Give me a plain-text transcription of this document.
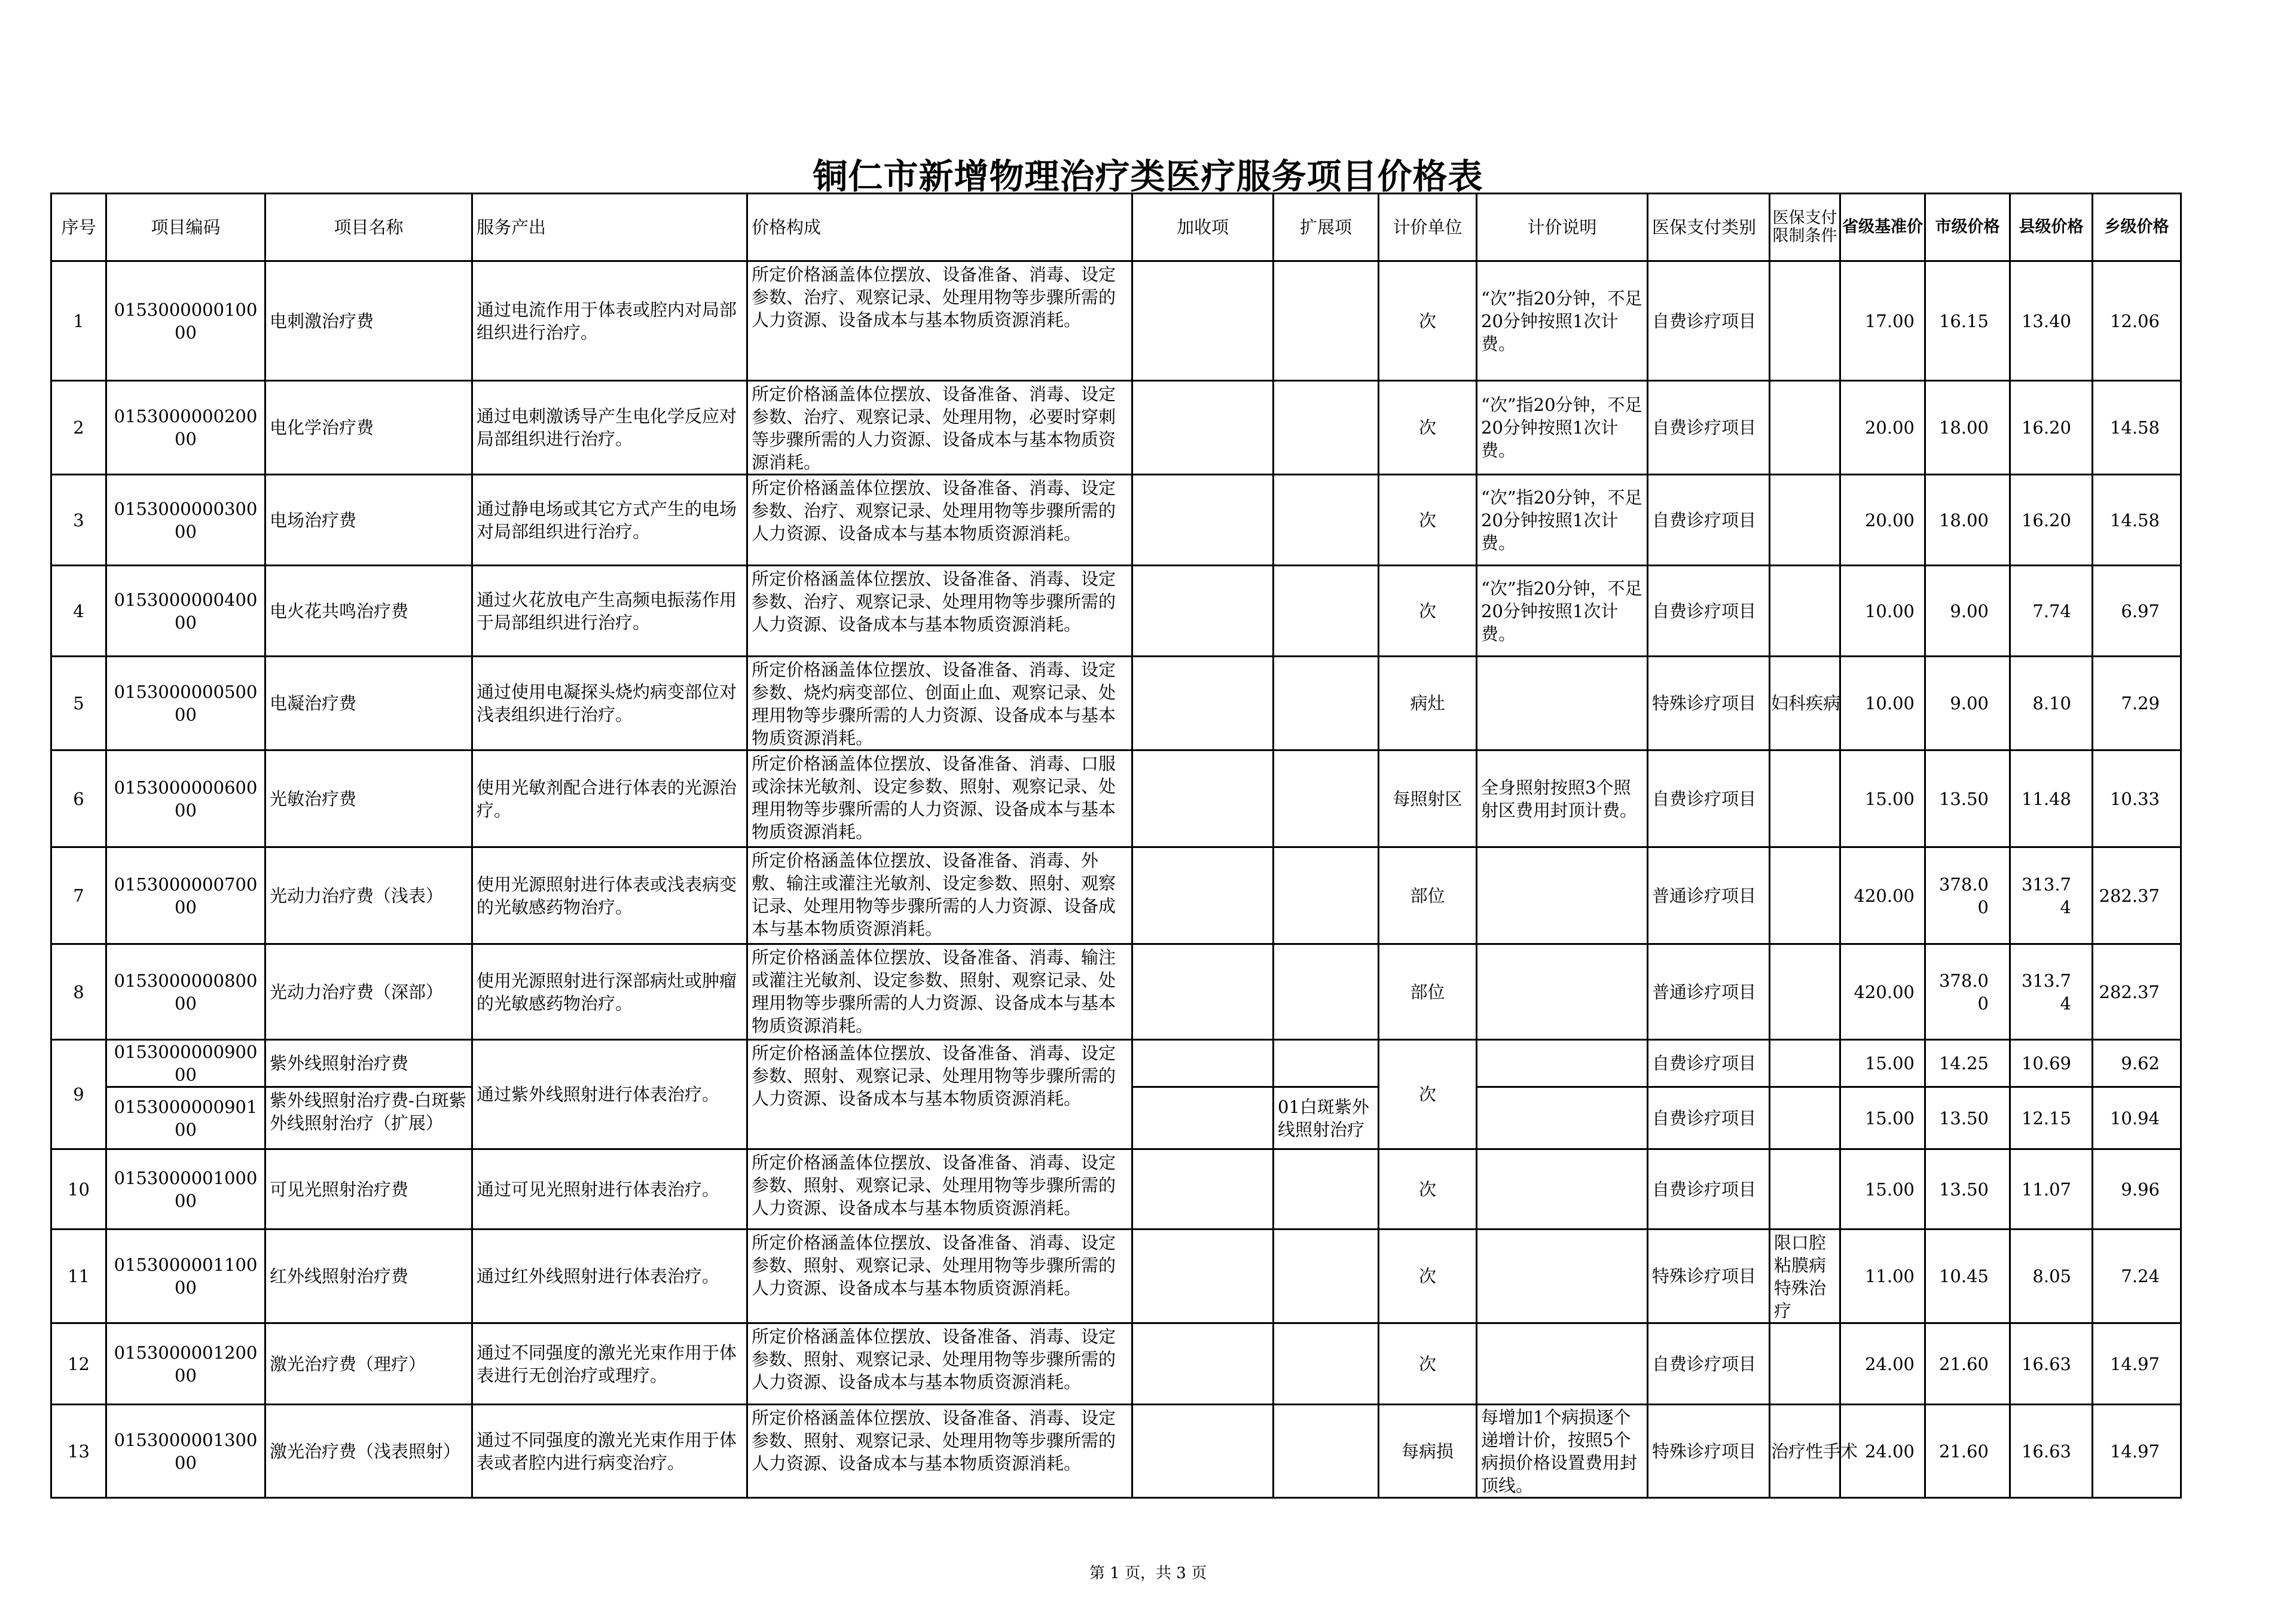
铜仁市新增物理治疗类医疗服务项目价格表
序号	项目编码	项目名称	服务产出	价格构成	加收项	扩展项	计价单位	计价说明	医保支付类别	医保支付限制条件	省级基准价	市级价格	县级价格	乡级价格
1	015300000010000	电刺激治疗费	通过电流作用于体表或腔内对局部组织进行治疗。	所定价格涵盖体位摆放、设备准备、消毒、设定参数、治疗、观察记录、处理用物等步骤所需的人力资源、设备成本与基本物质资源消耗。			次	“次”指20分钟，不足20分钟按照1次计费。	自费诊疗项目		17.00	16.15	13.40	12.06
2	015300000020000	电化学治疗费	通过电刺激诱导产生电化学反应对局部组织进行治疗。	所定价格涵盖体位摆放、设备准备、消毒、设定参数、治疗、观察记录、处理用物，必要时穿刺等步骤所需的人力资源、设备成本与基本物质资源消耗。			次	“次”指20分钟，不足20分钟按照1次计费。	自费诊疗项目		20.00	18.00	16.20	14.58
3	015300000030000	电场治疗费	通过静电场或其它方式产生的电场对局部组织进行治疗。	所定价格涵盖体位摆放、设备准备、消毒、设定参数、治疗、观察记录、处理用物等步骤所需的人力资源、设备成本与基本物质资源消耗。			次	“次”指20分钟，不足20分钟按照1次计费。	自费诊疗项目		20.00	18.00	16.20	14.58
4	015300000040000	电火花共鸣治疗费	通过火花放电产生高频电振荡作用于局部组织进行治疗。	所定价格涵盖体位摆放、设备准备、消毒、设定参数、治疗、观察记录、处理用物等步骤所需的人力资源、设备成本与基本物质资源消耗。			次	“次”指20分钟，不足20分钟按照1次计费。	自费诊疗项目		10.00	9.00	7.74	6.97
5	015300000050000	电凝治疗费	通过使用电凝探头烧灼病变部位对浅表组织进行治疗。	所定价格涵盖体位摆放、设备准备、消毒、设定参数、烧灼病变部位、创面止血、观察记录、处理用物等步骤所需的人力资源、设备成本与基本物质资源消耗。			病灶		特殊诊疗项目	妇科疾病	10.00	9.00	8.10	7.29
6	015300000060000	光敏治疗费	使用光敏剂配合进行体表的光源治疗。	所定价格涵盖体位摆放、设备准备、消毒、口服或涂抹光敏剂、设定参数、照射、观察记录、处理用物等步骤所需的人力资源、设备成本与基本物质资源消耗。			每照射区	全身照射按照3个照射区费用封顶计费。	自费诊疗项目		15.00	13.50	11.48	10.33
7	015300000070000	光动力治疗费（浅表）	使用光源照射进行体表或浅表病变的光敏感药物治疗。	所定价格涵盖体位摆放、设备准备、消毒、外敷、输注或灌注光敏剂、设定参数、照射、观察记录、处理用物等步骤所需的人力资源、设备成本与基本物质资源消耗。			部位		普通诊疗项目		420.00	378.00	313.74	282.37
8	015300000080000	光动力治疗费（深部）	使用光源照射进行深部病灶或肿瘤的光敏感药物治疗。	所定价格涵盖体位摆放、设备准备、消毒、输注或灌注光敏剂、设定参数、照射、观察记录、处理用物等步骤所需的人力资源、设备成本与基本物质资源消耗。			部位		普通诊疗项目		420.00	378.00	313.74	282.37
9	015300000090000	紫外线照射治疗费	通过紫外线照射进行体表治疗。	所定价格涵盖体位摆放、设备准备、消毒、设定参数、照射、观察记录、处理用物等步骤所需的人力资源、设备成本与基本物质资源消耗。			次		自费诊疗项目		15.00	14.25	10.69	9.62
	015300000090100	紫外线照射治疗费-白斑紫外线照射治疗（扩展）				01白斑紫外线照射治疗			自费诊疗项目		15.00	13.50	12.15	10.94
10	015300000100000	可见光照射治疗费	通过可见光照射进行体表治疗。	所定价格涵盖体位摆放、设备准备、消毒、设定参数、照射、观察记录、处理用物等步骤所需的人力资源、设备成本与基本物质资源消耗。			次		自费诊疗项目		15.00	13.50	11.07	9.96
11	015300000110000	红外线照射治疗费	通过红外线照射进行体表治疗。	所定价格涵盖体位摆放、设备准备、消毒、设定参数、照射、观察记录、处理用物等步骤所需的人力资源、设备成本与基本物质资源消耗。			次		特殊诊疗项目	限口腔粘膜病特殊治疗	11.00	10.45	8.05	7.24
12	015300000120000	激光治疗费（理疗）	通过不同强度的激光光束作用于体表进行无创治疗或理疗。	所定价格涵盖体位摆放、设备准备、消毒、设定参数、照射、观察记录、处理用物等步骤所需的人力资源、设备成本与基本物质资源消耗。			次		自费诊疗项目		24.00	21.60	16.63	14.97
13	015300000130000	激光治疗费（浅表照射）	通过不同强度的激光光束作用于体表或者腔内进行病变治疗。	所定价格涵盖体位摆放、设备准备、消毒、设定参数、照射、观察记录、处理用物等步骤所需的人力资源、设备成本与基本物质资源消耗。			每病损	每增加1个病损逐个递增计价，按照5个病损价格设置费用封顶线。	特殊诊疗项目	治疗性手术	24.00	21.60	16.63	14.97
第 1 页，共 3 页
